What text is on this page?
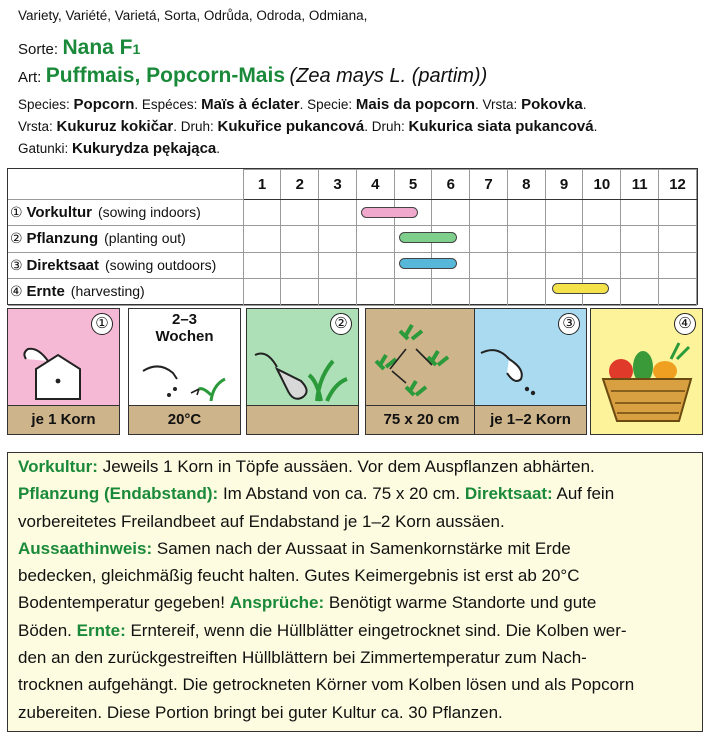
Variety, Variété, Varietá, Sorta, Odrůda, Odroda, Odmiana,
Sorte: Nana F1
Art: Puffmais, Popcorn-Mais (Zea mays L. (partim))
Species: Popcorn. Espéces: Maïs à éclater. Specie: Mais da popcorn. Vrsta: Pokovka.
Vrsta: Kukuruz kokičar. Druh: Kukuřice pukancová. Druh: Kukurica siata pukancová.
Gatunki: Kukurydza pękająca.
	1	2	3	4	5	6	7	8	9	10	11	12
① Vorkultur (sowing indoors)												
② Pflanzung (planting out)												
③ Direktsaat (sowing outdoors)												
④ Ernte (harvesting)												
①
je 1 Korn
2–3
Wochen
20°C
②
75 x 20 cm
③
je 1–2 Korn
④
Vorkultur: Jeweils 1 Korn in Töpfe aussäen. Vor dem Auspflanzen abhärten.
Pflanzung (Endabstand): Im Abstand von ca. 75 x 20 cm. Direktsaat: Auf fein
vorbereitetes Freilandbeet auf Endabstand je 1–2 Korn aussäen.
Aussaathinweis: Samen nach der Aussaat in Samenkornstärke mit Erde
bedecken, gleichmäßig feucht halten. Gutes Keimergebnis ist erst ab 20°C
Bodentemperatur gegeben! Ansprüche: Benötigt warme Standorte und gute
Böden. Ernte: Erntereif, wenn die Hüllblätter eingetrocknet sind. Die Kolben wer-
den an den zurückgestreiften Hüllblättern bei Zimmertemperatur zum Nach-
trocknen aufgehängt. Die getrockneten Körner vom Kolben lösen und als Popcorn
zubereiten. Diese Portion bringt bei guter Kultur ca. 30 Pflanzen.
